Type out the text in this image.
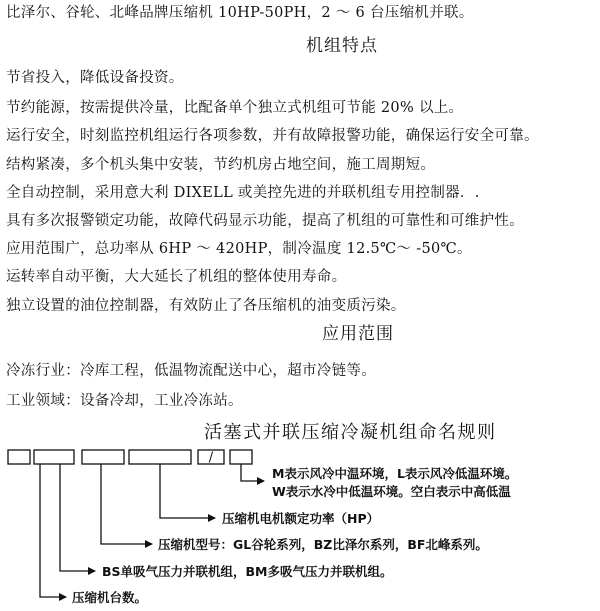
比泽尔、谷轮、北峰品牌压缩机 10HP-50PH，2 ～ 6 台压缩机并联。
机组特点
节省投入，降低设备投资。
节约能源，按需提供冷量，比配备单个独立式机组可节能 20% 以上。
运行安全，时刻监控机组运行各项参数，并有故障报警功能，确保运行安全可靠。
结构紧凑，多个机头集中安装，节约机房占地空间，施工周期短。
全自动控制，采用意大利 DIXELL 或美控先进的并联机组专用控制器．.
具有多次报警锁定功能，故障代码显示功能，提高了机组的可靠性和可维护性。
应用范围广，总功率从 6HP ～ 420HP，制冷温度 12.5℃～ -50℃。
运转率自动平衡，大大延长了机组的整体使用寿命。
独立设置的油位控制器，有效防止了各压缩机的油变质污染。
应用范围
冷冻行业：冷库工程，低温物流配送中心，超市冷链等。
工业领域：设备冷却，工业冷冻站。
活塞式并联压缩冷凝机组命名规则
/
M表示风冷中温环境，L表示风冷低温环境。
W表示水冷中低温环境。空白表示中高低温
压缩机电机额定功率（HP）
压缩机型号：GL谷轮系列，BZ比泽尔系列，BF北峰系列。
BS单吸气压力并联机组，BM多吸气压力并联机组。
压缩机台数。
